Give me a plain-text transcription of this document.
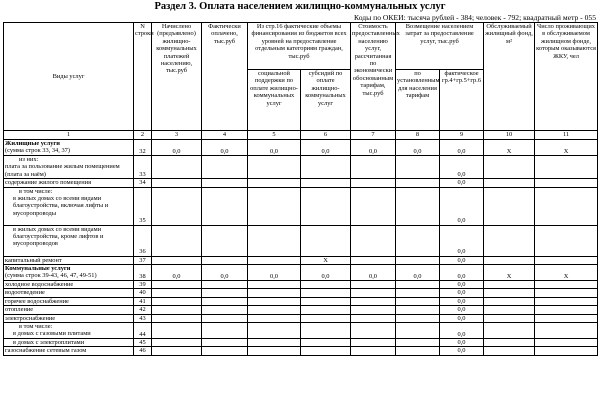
Раздел 3. Оплата населением жилищно-коммунальных услуг
Коды по ОКЕИ: тысяча рублей - 384; человек - 792; квадратный метр - 055
Виды услуг	N строки	Начислено (предъявлено) жилищно-коммунальных платежей населению, тыс.руб	Фактически оплачено, тыс.руб	Из стр.16 фактические объемы финансирования из бюджетов всех уровней на предоставление отдельным категориям граждан, тыс.руб		Стоимость предоставленных населению услуг, рассчитанная по экономически обоснованным тарифам, тыс.руб	Возмещение населением затрат за предоставление услуг, тыс.руб		Обслуживаемый жилищный фонд, м²	Число проживающих в обслуживаемом жилищном фонде, которым оказываются ЖКУ, чел
				социальной поддержки по оплате жилищно-коммунальных услуг	субсидий по оплате жилищно-коммунальных услуг		по установленным для населения тарифам	фактическое гр.4+гр.5+гр.6		
1	2	3	4	5	6	7	8	9	10	11
Жилищные услуги
(сумма строк 33, 34, 37)	32	0,0	0,0	0,0	0,0	0,0	0,0	0,0	X	X

из них:
плата за пользование жилым помещением (плата за наём)	33							0,0		
содержание жилого помещения	34							0,0		

в том числе:
в жилых домах со всеми видами благоустройства, включая лифты и мусоропроводы	35							0,0		

в жилых домах со всеми видами благоустройства, кроме лифтов и мусоропроводов	36							0,0		
капитальный ремонт	37				X			0,0		
Коммунальные услуги
(сумма строк 39-43, 46, 47, 49-51)	38	0,0	0,0	0,0	0,0	0,0	0,0	0,0	X	X
холодное водоснабжение	39							0,0		
водоотведение	40							0,0		
горячее водоснабжение	41							0,0		
отопление	42							0,0		
электроснабжение	43							0,0		

в том числе:
в домах с газовыми плитами	44							0,0		

в домах с электроплитами	45							0,0		
газоснабжение сетевым газом	46							0,0		
